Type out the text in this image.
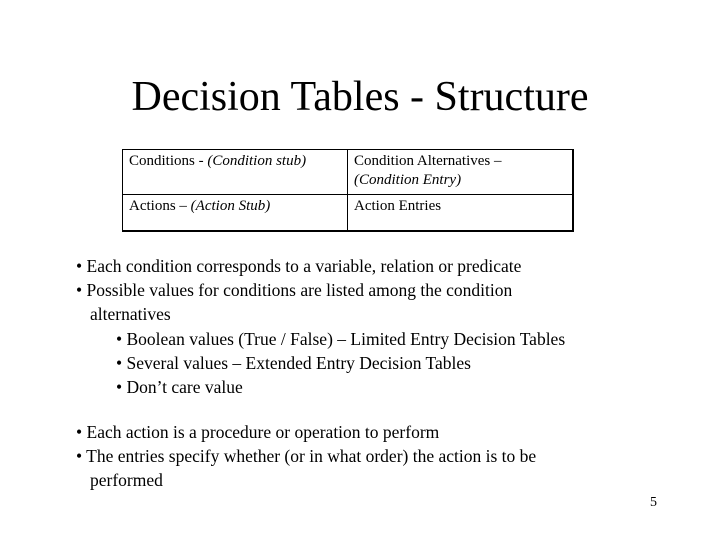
Decision Tables - Structure
Conditions - (Condition stub)	Condition Alternatives –
(Condition Entry)
Actions – (Action Stub)	Action Entries
• Each condition corresponds to a variable, relation or predicate
• Possible values for conditions are listed among the condition
alternatives
• Boolean values (True / False) – Limited Entry Decision Tables
• Several values – Extended Entry Decision Tables
• Don’t care value
• Each action is a procedure or operation to perform
• The entries specify whether (or in what order) the action is to be
performed
5
